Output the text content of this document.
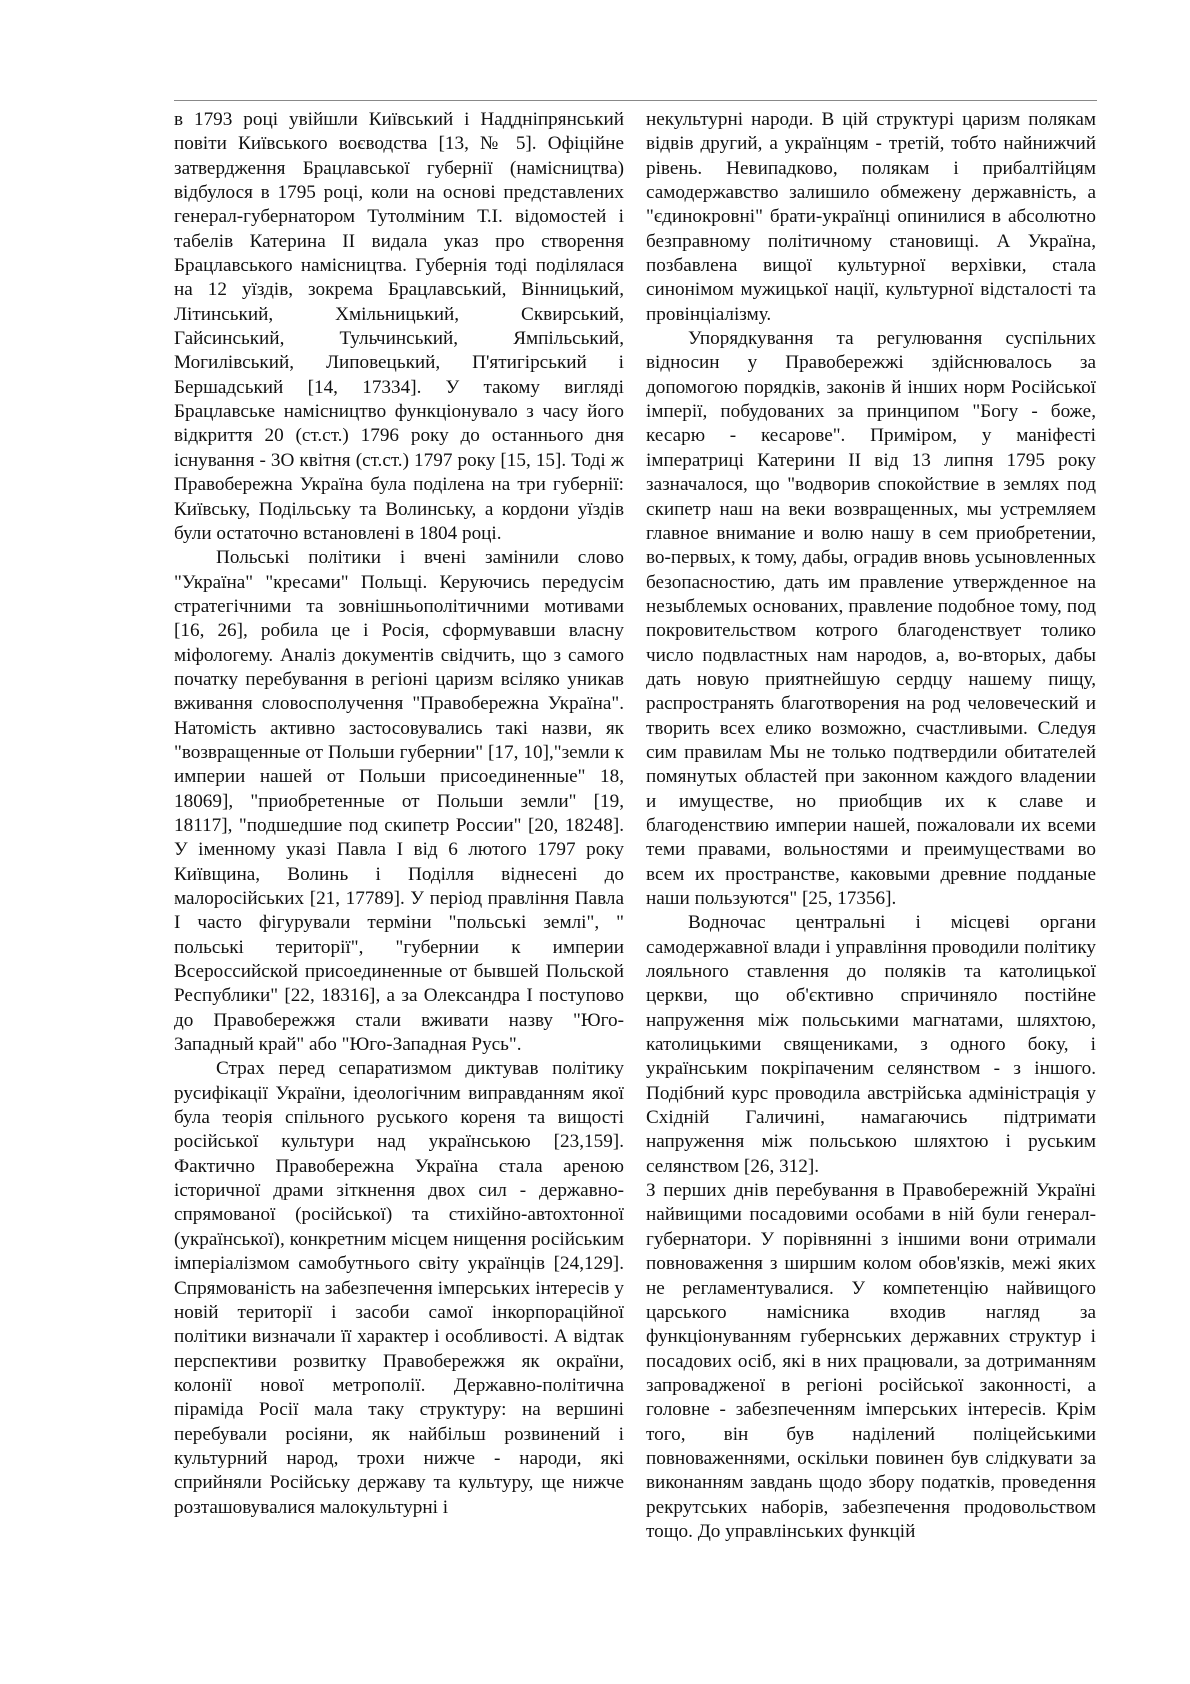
в 1793 році увійшли Київський і Наддніпрянський повіти Київського воєводства [13, № 5]. Офіційне затвердження Брацлавської губернії (намісництва) відбулося в 1795 році, коли на основі представлених генерал-губернатором Тутолміним Т.І. відомостей і табелів Катерина II видала указ про створення Брацлавського намісництва. Губернія тоді поділялася на 12 уїздів, зокрема Брацлавський, Вінницький, Літинський, Хмільницький, Сквирський, Гайсинський, Тульчинський, Ямпільський, Могилівський, Липовецький, П'ятигірський і Бершадський [14, 17334]. У такому вигляді Брацлавське намісництво функціонувало з часу його відкриття 20 (ст.ст.) 1796 року до останнього дня існування - 3О квітня (ст.ст.) 1797 року [15, 15]. Тоді ж Правобережна Україна була поділена на три губернії: Київську, Подільську та Волинську, а кордони уїздів були остаточно встановлені в 1804 році.

Польські політики і вчені замінили слово "Україна" "кресами" Польщі. Керуючись передусім стратегічними та зовнішньополітичними мотивами [16, 26], робила це і Росія, сформувавши власну міфологему. Аналіз документів свідчить, що з самого початку перебування в регіоні царизм всіляко уникав вживання словосполучення "Правобережна Україна". Натомість активно застосовувались такі назви, як "возвращенные от Польши губернии" [17, 10],"земли к империи нашей от Польши присоединенные" 18, 18069], "приобретенные от Польши земли" [19, 18117], "подшедшие под скипетр России" [20, 18248]. У іменному указі Павла І від 6 лютого 1797 року Київщина, Волинь і Поділля віднесені до малоросійських [21, 17789]. У період правління Павла I часто фігурували терміни "польські землі", " польські території", "губернии к империи Всероссийской присоединенные от бывшей Польской Республики" [22, 18316], а за Олександра I поступово до Правобережжя стали вживати назву "Юго-Западный край" або "Юго-Западная Русь".

Страх перед сепаратизмом диктував політику русифікації України, ідеологічним виправданням якої була теорія спільного руського кореня та вищості російської культури над українською [23,159]. Фактично Правобережна Україна стала ареною історичної драми зіткнення двох сил - державно-спрямованої (російської) та стихійно-автохтонної (української), конкретним місцем нищення російським імперіалізмом самобутнього світу українців [24,129]. Спрямованість на забезпечення імперських інтересів у новій території і засоби самої інкорпораційної політики визначали її характер і особливості. А відтак перспективи розвитку Правобережжя як окраїни, колонії нової метрополії. Державно-політична піраміда Росії мала таку структуру: на вершині перебували росіяни, як найбільш розвинений і культурний народ, трохи нижче - народи, які сприйняли Російську державу та культуру, ще нижче розташовувалися малокультурні і

некультурні народи. В цій структурі царизм полякам відвів другий, а українцям - третій, тобто найнижчий рівень. Невипадково, полякам і прибалтійцям самодержавство залишило обмежену державність, а "єдинокровні" брати-українці опинилися в абсолютно безправному політичному становищі. А Україна, позбавлена вищої культурної верхівки, стала синонімом мужицької нації, культурної відсталості та провінціалізму.

Упорядкування та регулювання суспільних відносин у Правобережжі здійснювалось за допомогою порядків, законів й інших норм Російської імперії, побудованих за принципом "Богу - боже, кесарю - кесарове". Приміром, у маніфесті імператриці Катерини II від 13 липня 1795 року зазначалося, що "водворив спокойствие в землях под скипетр наш на веки возвращенных, мы устремляем главное внимание и волю нашу в сем приобретении, во-первых, к тому, дабы, оградив вновь усыновленных безопасностию, дать им правление утвержденное на незыблемых основаних, правление подобное тому, под покровительством котрого благоденствует толико число подвластных нам народов, а, во-вторых, дабы дать новую приятнейшую сердцу нашему пищу, распространять благотворения на род человеческий и творить всех елико возможно, счастливыми. Следуя сим правилам Мы не только подтвердили обитателей помянутых областей при законном каждого владении и имуществе, но приобщив их к славе и благоденствию империи нашей, пожаловали их всеми теми правами, вольностями и преимуществами во всем их пространстве, каковыми древние подданые наши пользуются" [25, 17356].

Водночас центральні і місцеві органи самодержавної влади і управління проводили політику лояльного ставлення до поляків та католицької церкви, що об'єктивно спричиняло постійне напруження між польськими магнатами, шляхтою, католицькими священиками, з одного боку, і українським покріпаченим селянством - з іншого. Подібний курс проводила австрійська адміністрація у Східній Галичині, намагаючись підтримати напруження між польською шляхтою і руським селянством [26, 312].

З перших днів перебування в Правобережній Україні найвищими посадовими особами в ній були генерал-губернатори. У порівнянні з іншими вони отримали повноваження з ширшим колом обов'язків, межі яких не регламентувалися. У компетенцію найвищого царського намісника входив нагляд за функціонуванням губернських державних структур і посадових осіб, які в них працювали, за дотриманням запровадженої в регіоні російської законності, а головне - забезпеченням імперських інтересів. Крім того, він був наділений поліцейськими повноваженнями, оскільки повинен був слідкувати за виконанням завдань щодо збору податків, проведення рекрутських наборів, забезпечення продовольством тощо. До управлінських функцій
